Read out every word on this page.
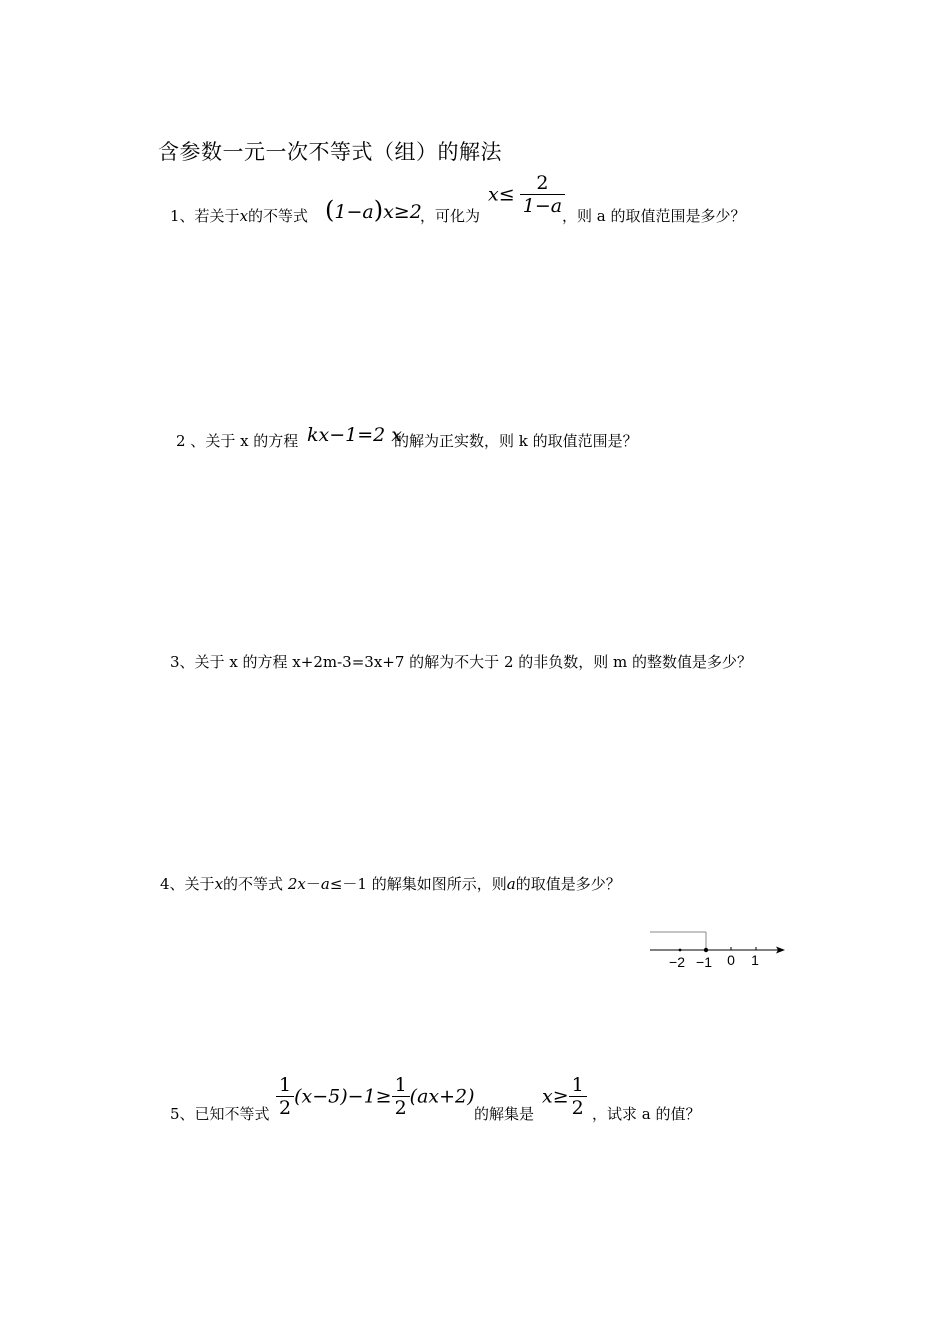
含参数一元一次不等式（组）的解法
1、若关于x的不等式 (1−a)x≥2
，可化为
$x\le \frac{2}{1-a}$
，则 a 的取值范围是多少？
2 、关于 x 的方程 kx−1=2 x
的解为正实数，则 k 的取值范围是？
3、关于 x 的方程 x+2m-3=3x+7 的解为不大于 2 的非负数，则 m 的整数值是多少？
4、关于x的不等式 2x－a≤－1 的解集如图所示，则a的取值是多少？
−2 −1 0 1
5、已知不等式 $\frac{1}{2} (x-5)-1\ge \frac{1}{2} (ax+2)$
的解集是
$x\ge \frac{1}{2}$ ，试求 a 的值？
